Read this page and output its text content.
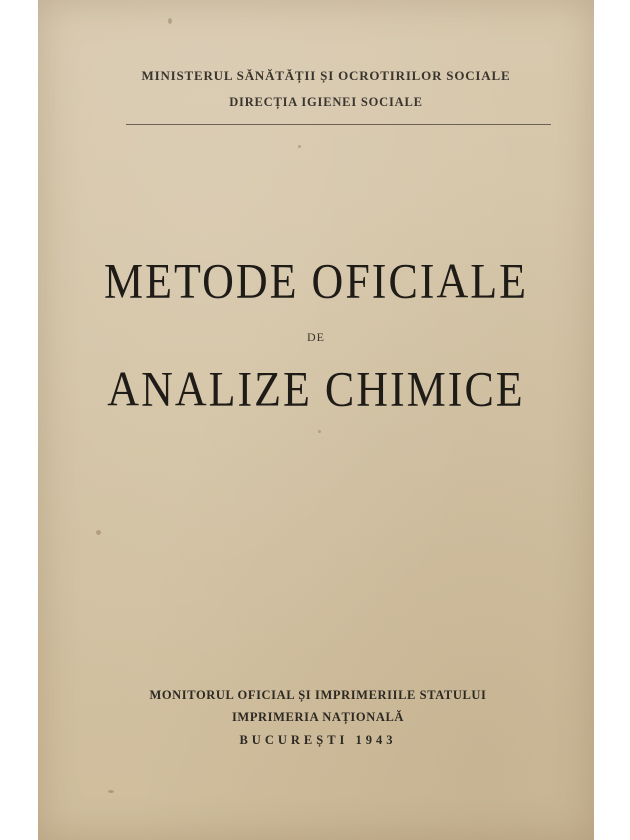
MINISTERUL SĂNĂTĂȚII ȘI OCROTIRILOR SOCIALE
DIRECȚIA IGIENEI SOCIALE
METODE OFICIALE
DE
ANALIZE CHIMICE
MONITORUL OFICIAL ȘI IMPRIMERIILE STATULUI
IMPRIMERIA NAȚIONALĂ
BUCUREȘTI 1943
